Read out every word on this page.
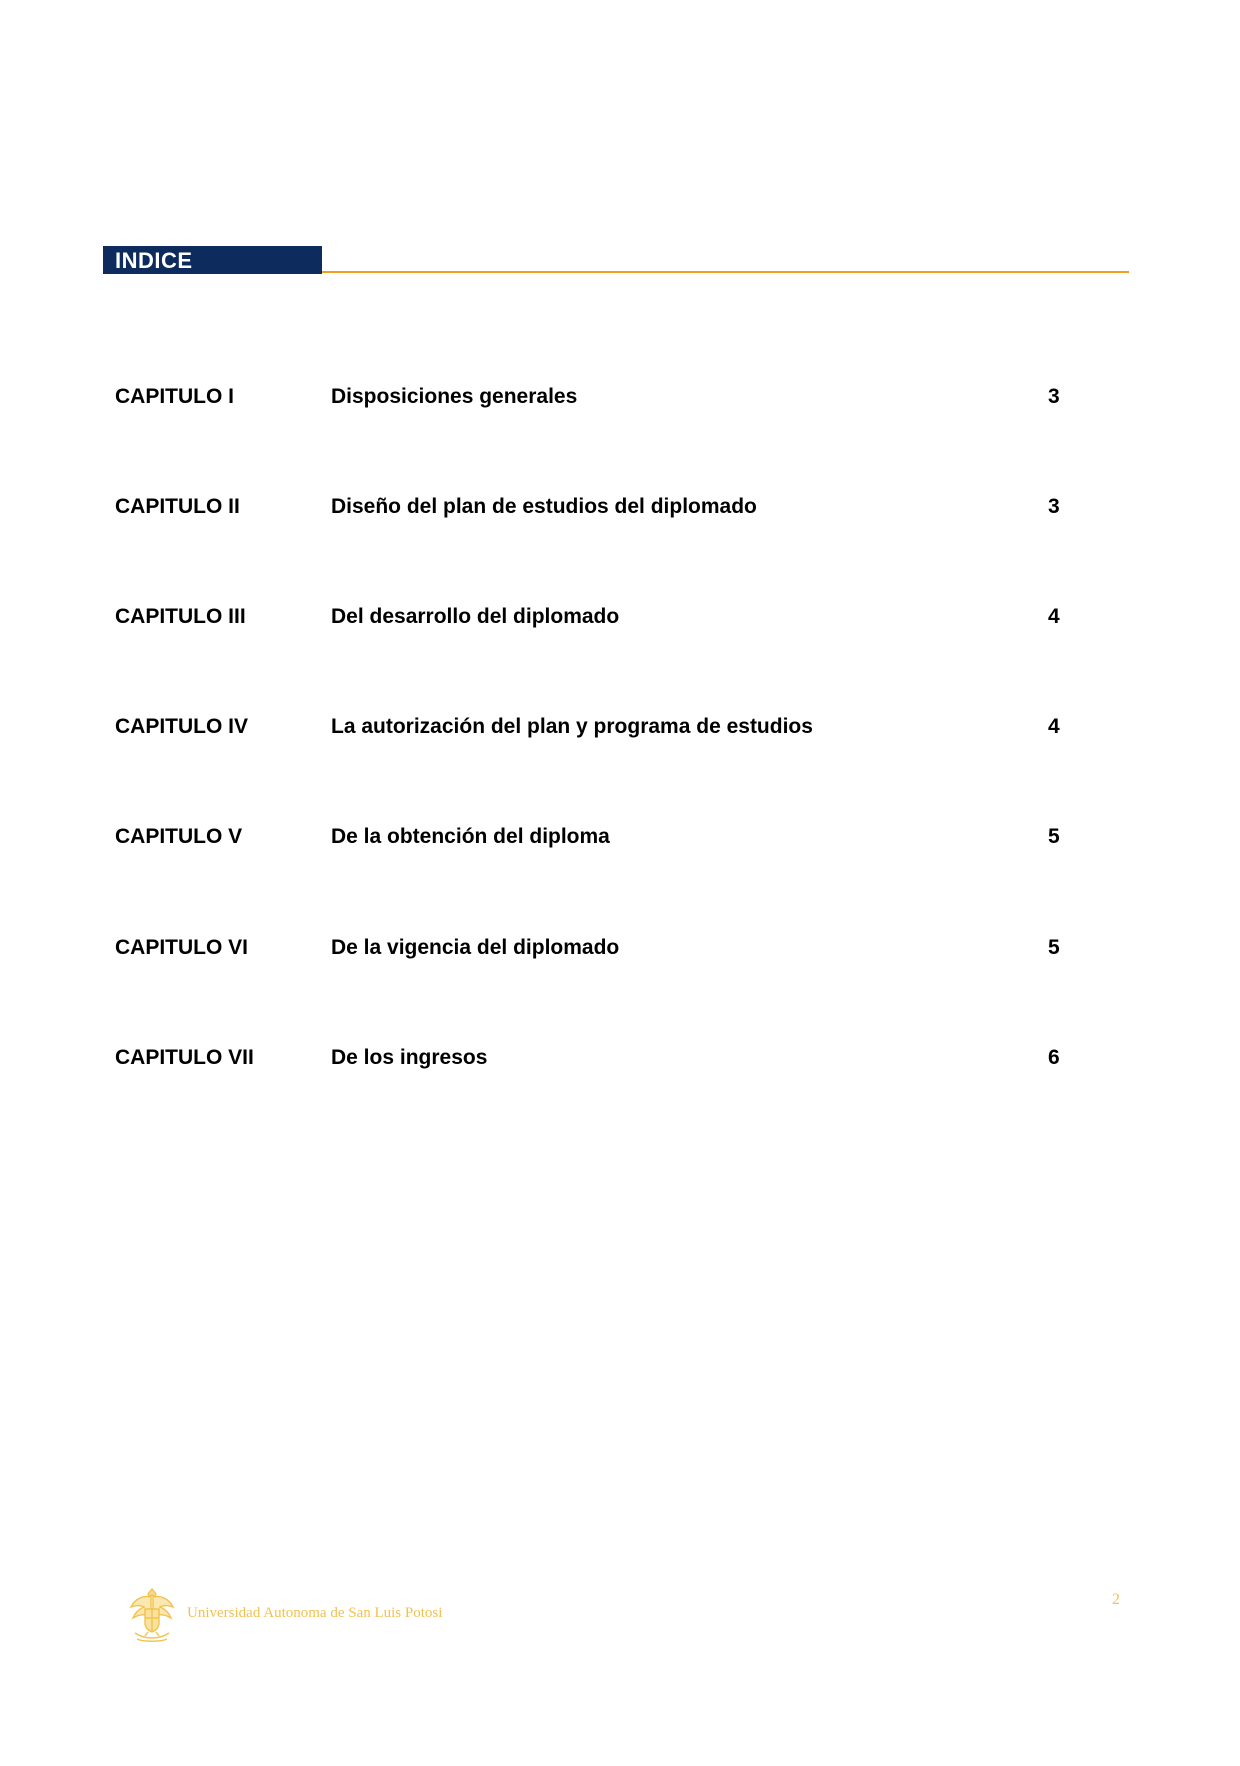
INDICE
CAPITULO I	Disposiciones generales	3
CAPITULO II	Diseño del plan de estudios del diplomado	3
CAPITULO III	Del desarrollo del diplomado	4
CAPITULO IV	La autorización del plan y programa de estudios	4
CAPITULO V	De la obtención del diploma	5
CAPITULO VI	De la vigencia del diplomado	5
CAPITULO VII	De los ingresos	6
Universidad Autonoma de San Luis Potosi
2
